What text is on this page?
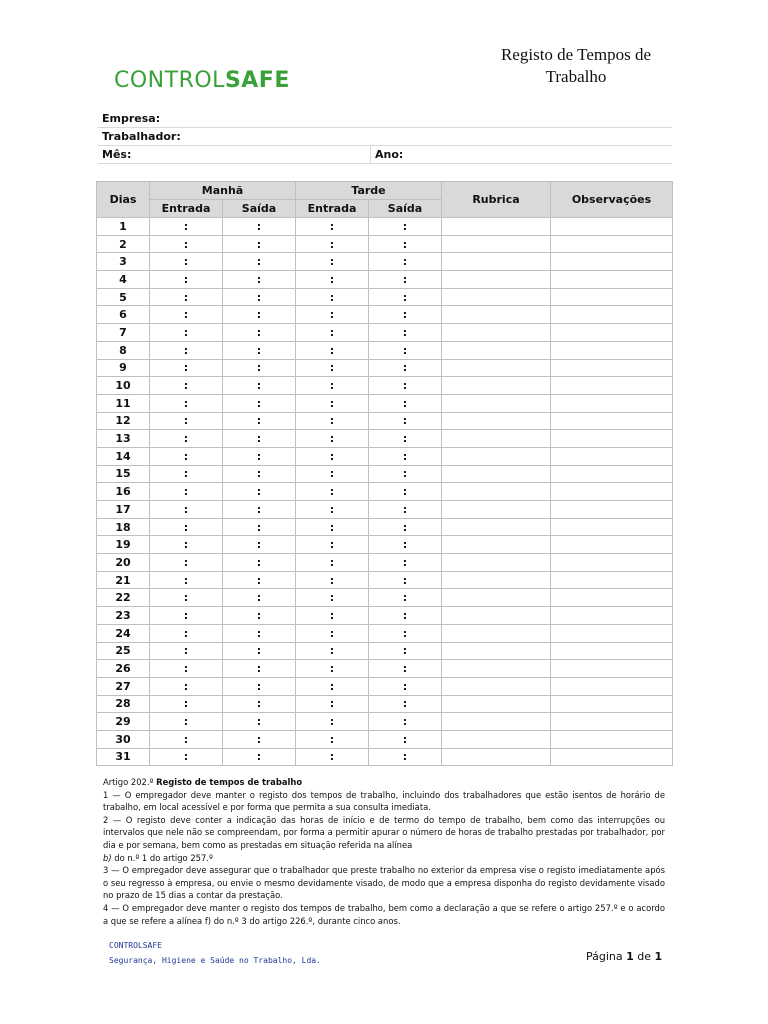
CONTROLSAFE
Registo de Tempos de
Trabalho
Empresa:
Trabalhador:
Mês:	Ano:
Dias	Manhã		Tarde		Rubrica	Observações
	Entrada	Saída	Entrada	Saída		
1	:	:	:	:		
2	:	:	:	:		
3	:	:	:	:		
4	:	:	:	:		
5	:	:	:	:		
6	:	:	:	:		
7	:	:	:	:		
8	:	:	:	:		
9	:	:	:	:		
10	:	:	:	:		
11	:	:	:	:		
12	:	:	:	:		
13	:	:	:	:		
14	:	:	:	:		
15	:	:	:	:		
16	:	:	:	:		
17	:	:	:	:		
18	:	:	:	:		
19	:	:	:	:		
20	:	:	:	:		
21	:	:	:	:		
22	:	:	:	:		
23	:	:	:	:		
24	:	:	:	:		
25	:	:	:	:		
26	:	:	:	:		
27	:	:	:	:		
28	:	:	:	:		
29	:	:	:	:		
30	:	:	:	:		
31	:	:	:	:		

Artigo 202.º Registo de tempos de trabalho

1 — O empregador deve manter o registo dos tempos de trabalho, incluindo dos trabalhadores que estão isentos de horário de trabalho, em local acessível e por forma que permita a sua consulta imediata.

2 — O registo deve conter a indicação das horas de início e de termo do tempo de trabalho, bem como das interrupções ou intervalos que nele não se compreendam, por forma a permitir apurar o número de horas de trabalho prestadas por trabalhador, por dia e por semana, bem como as prestadas em situação referida na alínea

b) do n.º 1 do artigo 257.º

3 — O empregador deve assegurar que o trabalhador que preste trabalho no exterior da empresa vise o registo imediatamente após o seu regresso à empresa, ou envie o mesmo devidamente visado, de modo que a empresa disponha do registo devidamente visado no prazo de 15 dias a contar da prestação.

4 — O empregador deve manter o registo dos tempos de trabalho, bem como a declaração a que se refere o artigo 257.º e o acordo a que se refere a alínea f) do n.º 3 do artigo 226.º, durante cinco anos.

CONTROLSAFE
Segurança, Higiene e Saúde no Trabalho, Lda.	Página 1 de 1
